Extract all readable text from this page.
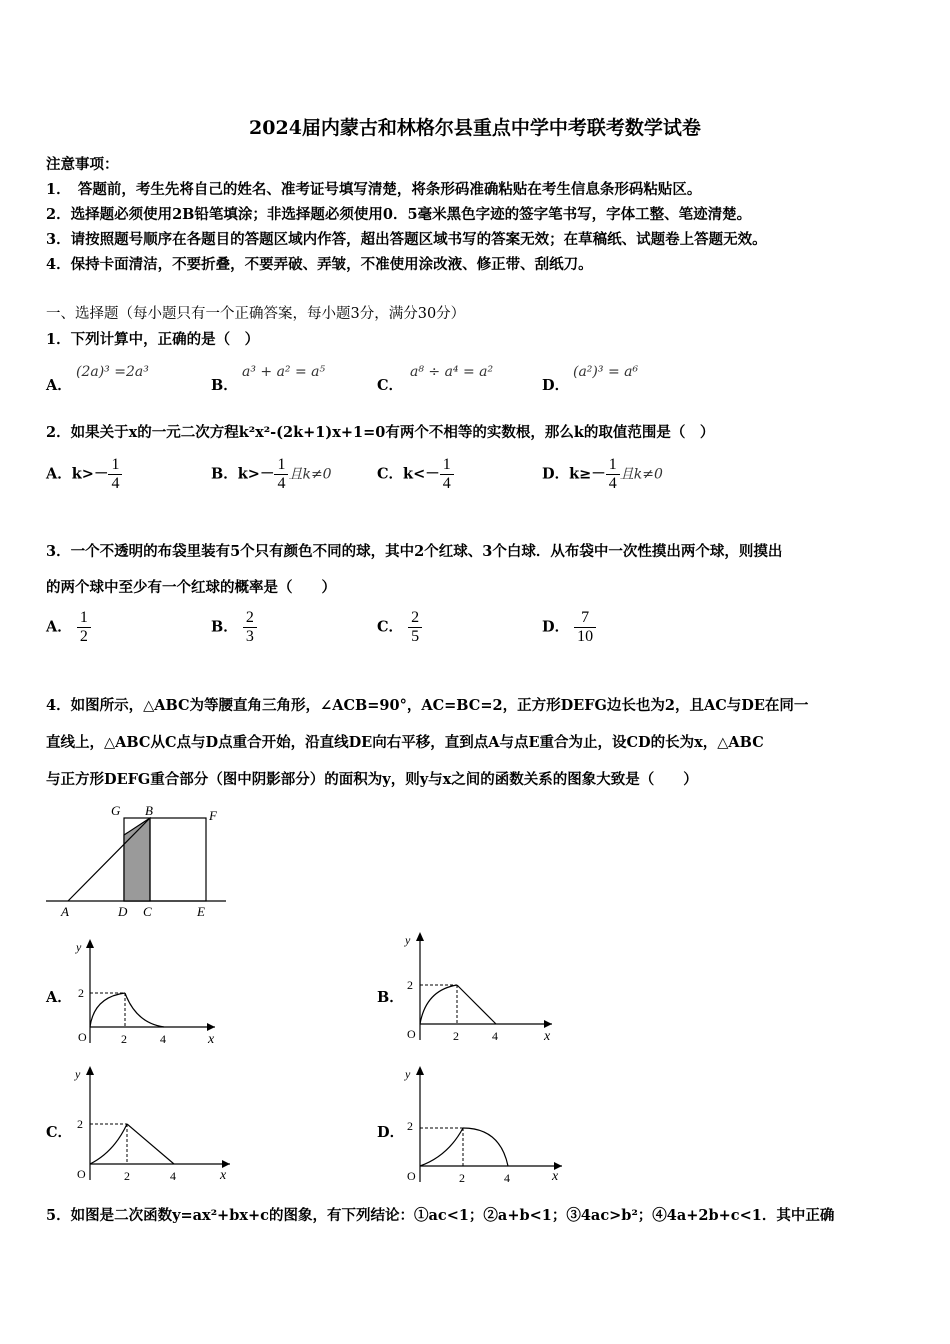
2024届内蒙古和林格尔县重点中学中考联考数学试卷
注意事项：
1．　答题前，考生先将自己的姓名、准考证号填写清楚，将条形码准确粘贴在考生信息条形码粘贴区。
2．选择题必须使用2B铅笔填涂；非选择题必须使用0．5毫米黑色字迹的签字笔书写，字体工整、笔迹清楚。
3．请按照题号顺序在各题目的答题区域内作答，超出答题区域书写的答案无效；在草稿纸、试题卷上答题无效。
4．保持卡面清洁，不要折叠，不要弄破、弄皱，不准使用涂改液、修正带、刮纸刀。
一、选择题（每小题只有一个正确答案，每小题3分，满分30分）
1．下列计算中，正确的是（　）
A．
(2a)³ =2a³
B．
a³ + a² = a⁵
C．
a⁸ ÷ a⁴ = a²
D．
(a²)³ = a⁶
2．如果关于x的一元二次方程k²x²-(2k+1)x+1=0有两个不相等的实数根，那么k的取值范围是（　）
A．$k>- \frac{1}{4}$	B．$k>- \frac{1}{4}$ 且k≠0	C．$k<- \frac{1}{4}$	D．$k\ge- \frac{1}{4}$ 且k≠0
3．一个不透明的布袋里装有5个只有颜色不同的球，其中2个红球、3个白球．从布袋中一次性摸出两个球，则摸出
的两个球中至少有一个红球的概率是（　　）
A． $\frac{1}{2}$	B． $\frac{2}{3}$	C． $\frac{2}{5}$	D． $\frac{7}{10}$
4．如图所示，△ABC为等腰直角三角形，∠ACB=90°，AC=BC=2，正方形DEFG边长也为2，且AC与DE在同一
直线上，△ABC从C点与D点重合开始，沿直线DE向右平移，直到点A与点E重合为止，设CD的长为x，△ABC
与正方形DEFG重合部分（图中阴影部分）的面积为y，则y与x之间的函数关系的图象大致是（　　）
G B	F
A	D C	E
A．	B．
C．	D．
y
x
O
2
2	4
y
x
O
2
2	4
y
x
O
2
2	4
y
x
O
2
2	4
5．如图是二次函数y=ax²+bx+c的图象，有下列结论：①ac<1；②a+b<1；③4ac>b²；④4a+2b+c<1．其中正确
